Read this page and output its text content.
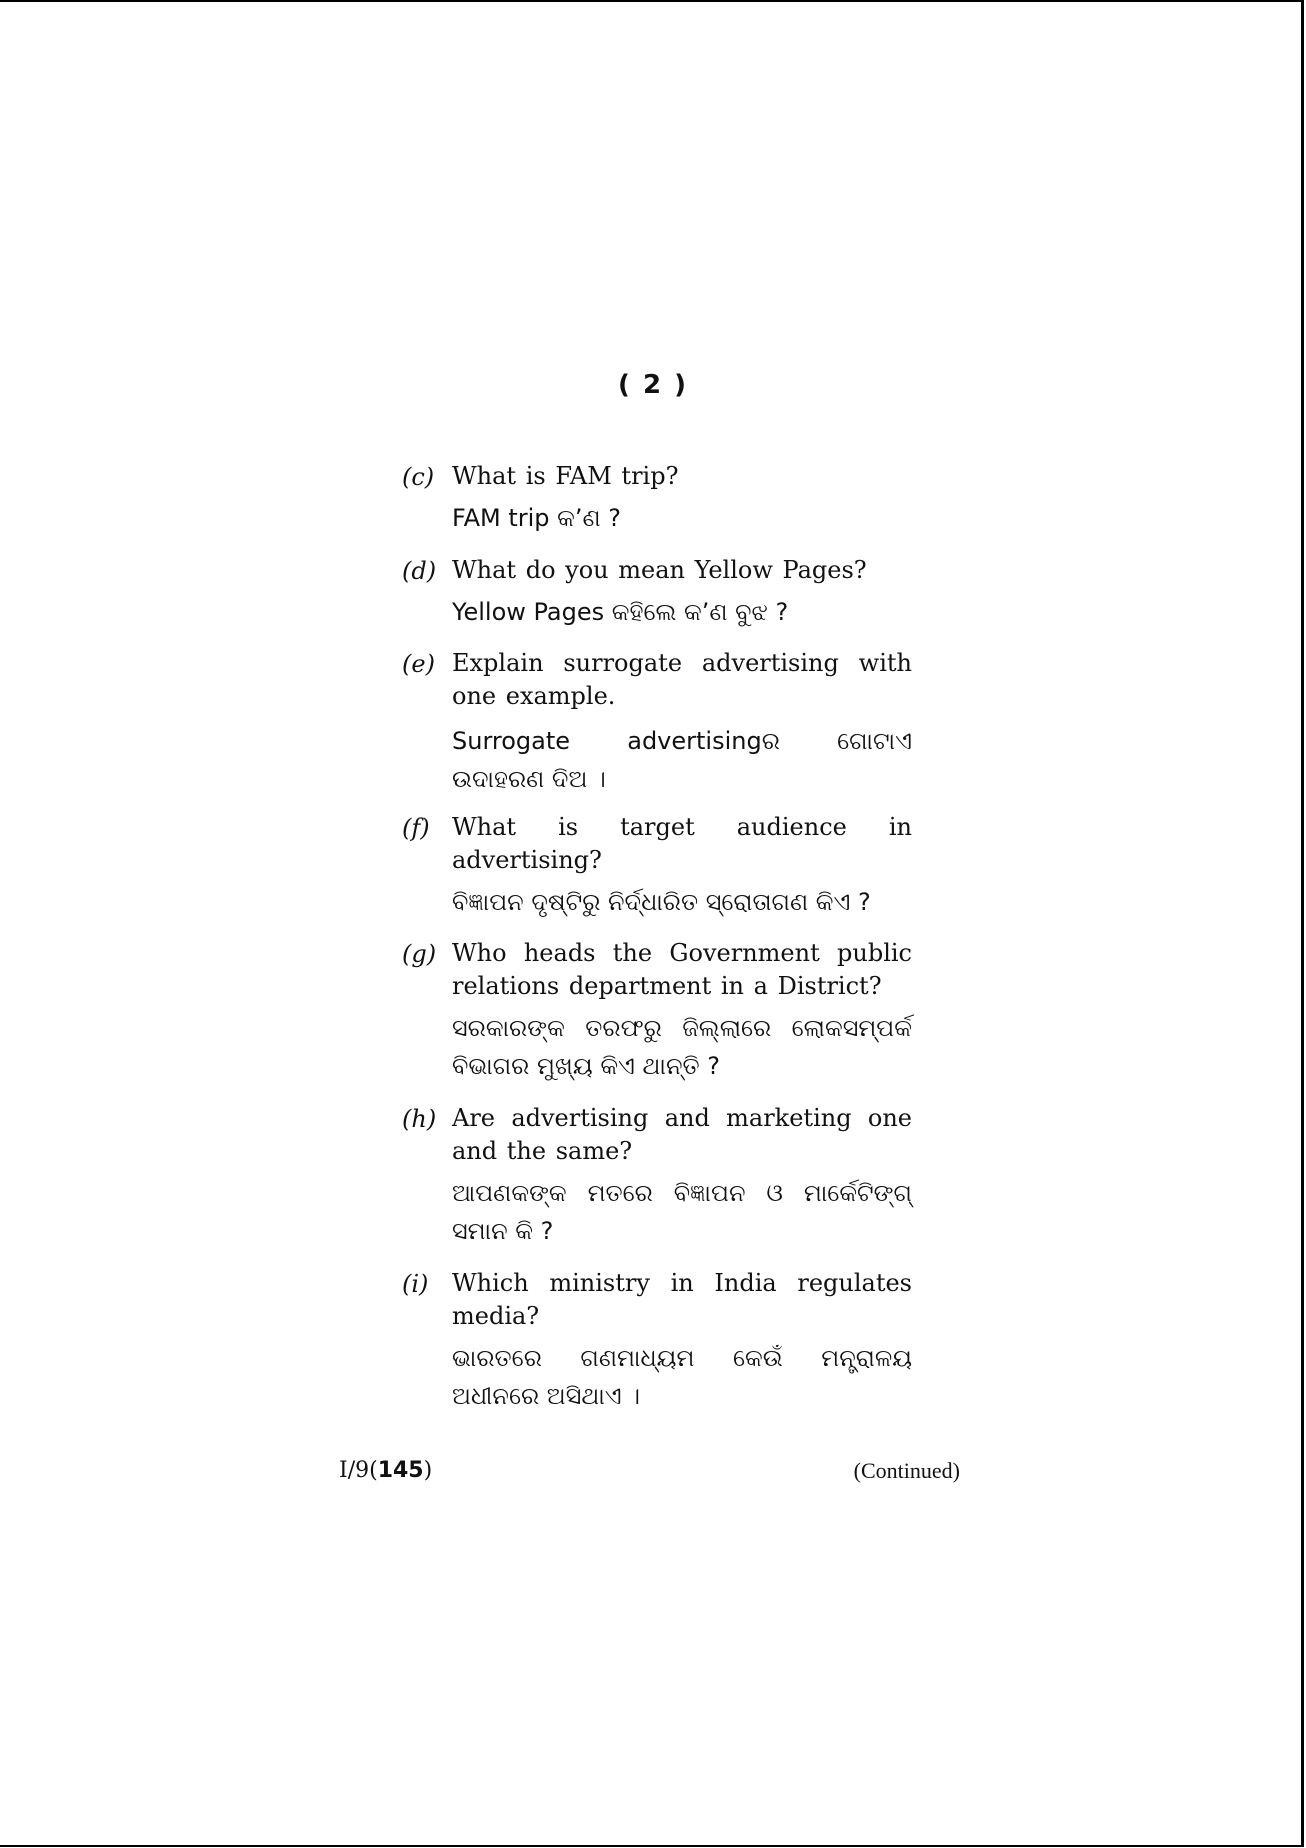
( 2 )
(c) What is FAM trip?
FAM trip କ’ଣ ?
(d) What do you mean Yellow Pages?
Yellow Pages କହିଲେ କ’ଣ ବୁଝ ?
(e) Explain surrogate advertising with one example.
Surrogate advertisingର ଗୋଟାଏ ଉଦାହରଣ ଦିଅ ।
(f) What is target audience in advertising?
ବିଜ୍ଞାପନ ଦୃଷ୍ଟିରୁ ନିର୍ଦ୍ଧାରିତ ସ୍ରୋତାଗଣ କିଏ ?
(g) Who heads the Government public relations department in a District?
ସରକାରଙ୍କ ତରଫରୁ ଜିଲ୍ଲାରେ ଲୋକସମ୍ପର୍କ ବିଭାଗର ମୁଖ୍ୟ କିଏ ଥାନ୍ତି ?
(h) Are advertising and marketing one and the same?
ଆପଣକଙ୍କ ମତରେ ବିଜ୍ଞାପନ ଓ ମାର୍କେଟିଙ୍ଗ୍ ସମାନ କି ?
(i) Which ministry in India regulates media?
ଭାରତରେ ଗଣମାଧ୍ୟମ କେଉଁ ମନ୍ତ୍ରାଳୟ ଅଧୀନରେ ଅସିଥାଏ ।
I/9(145)	(Continued)
